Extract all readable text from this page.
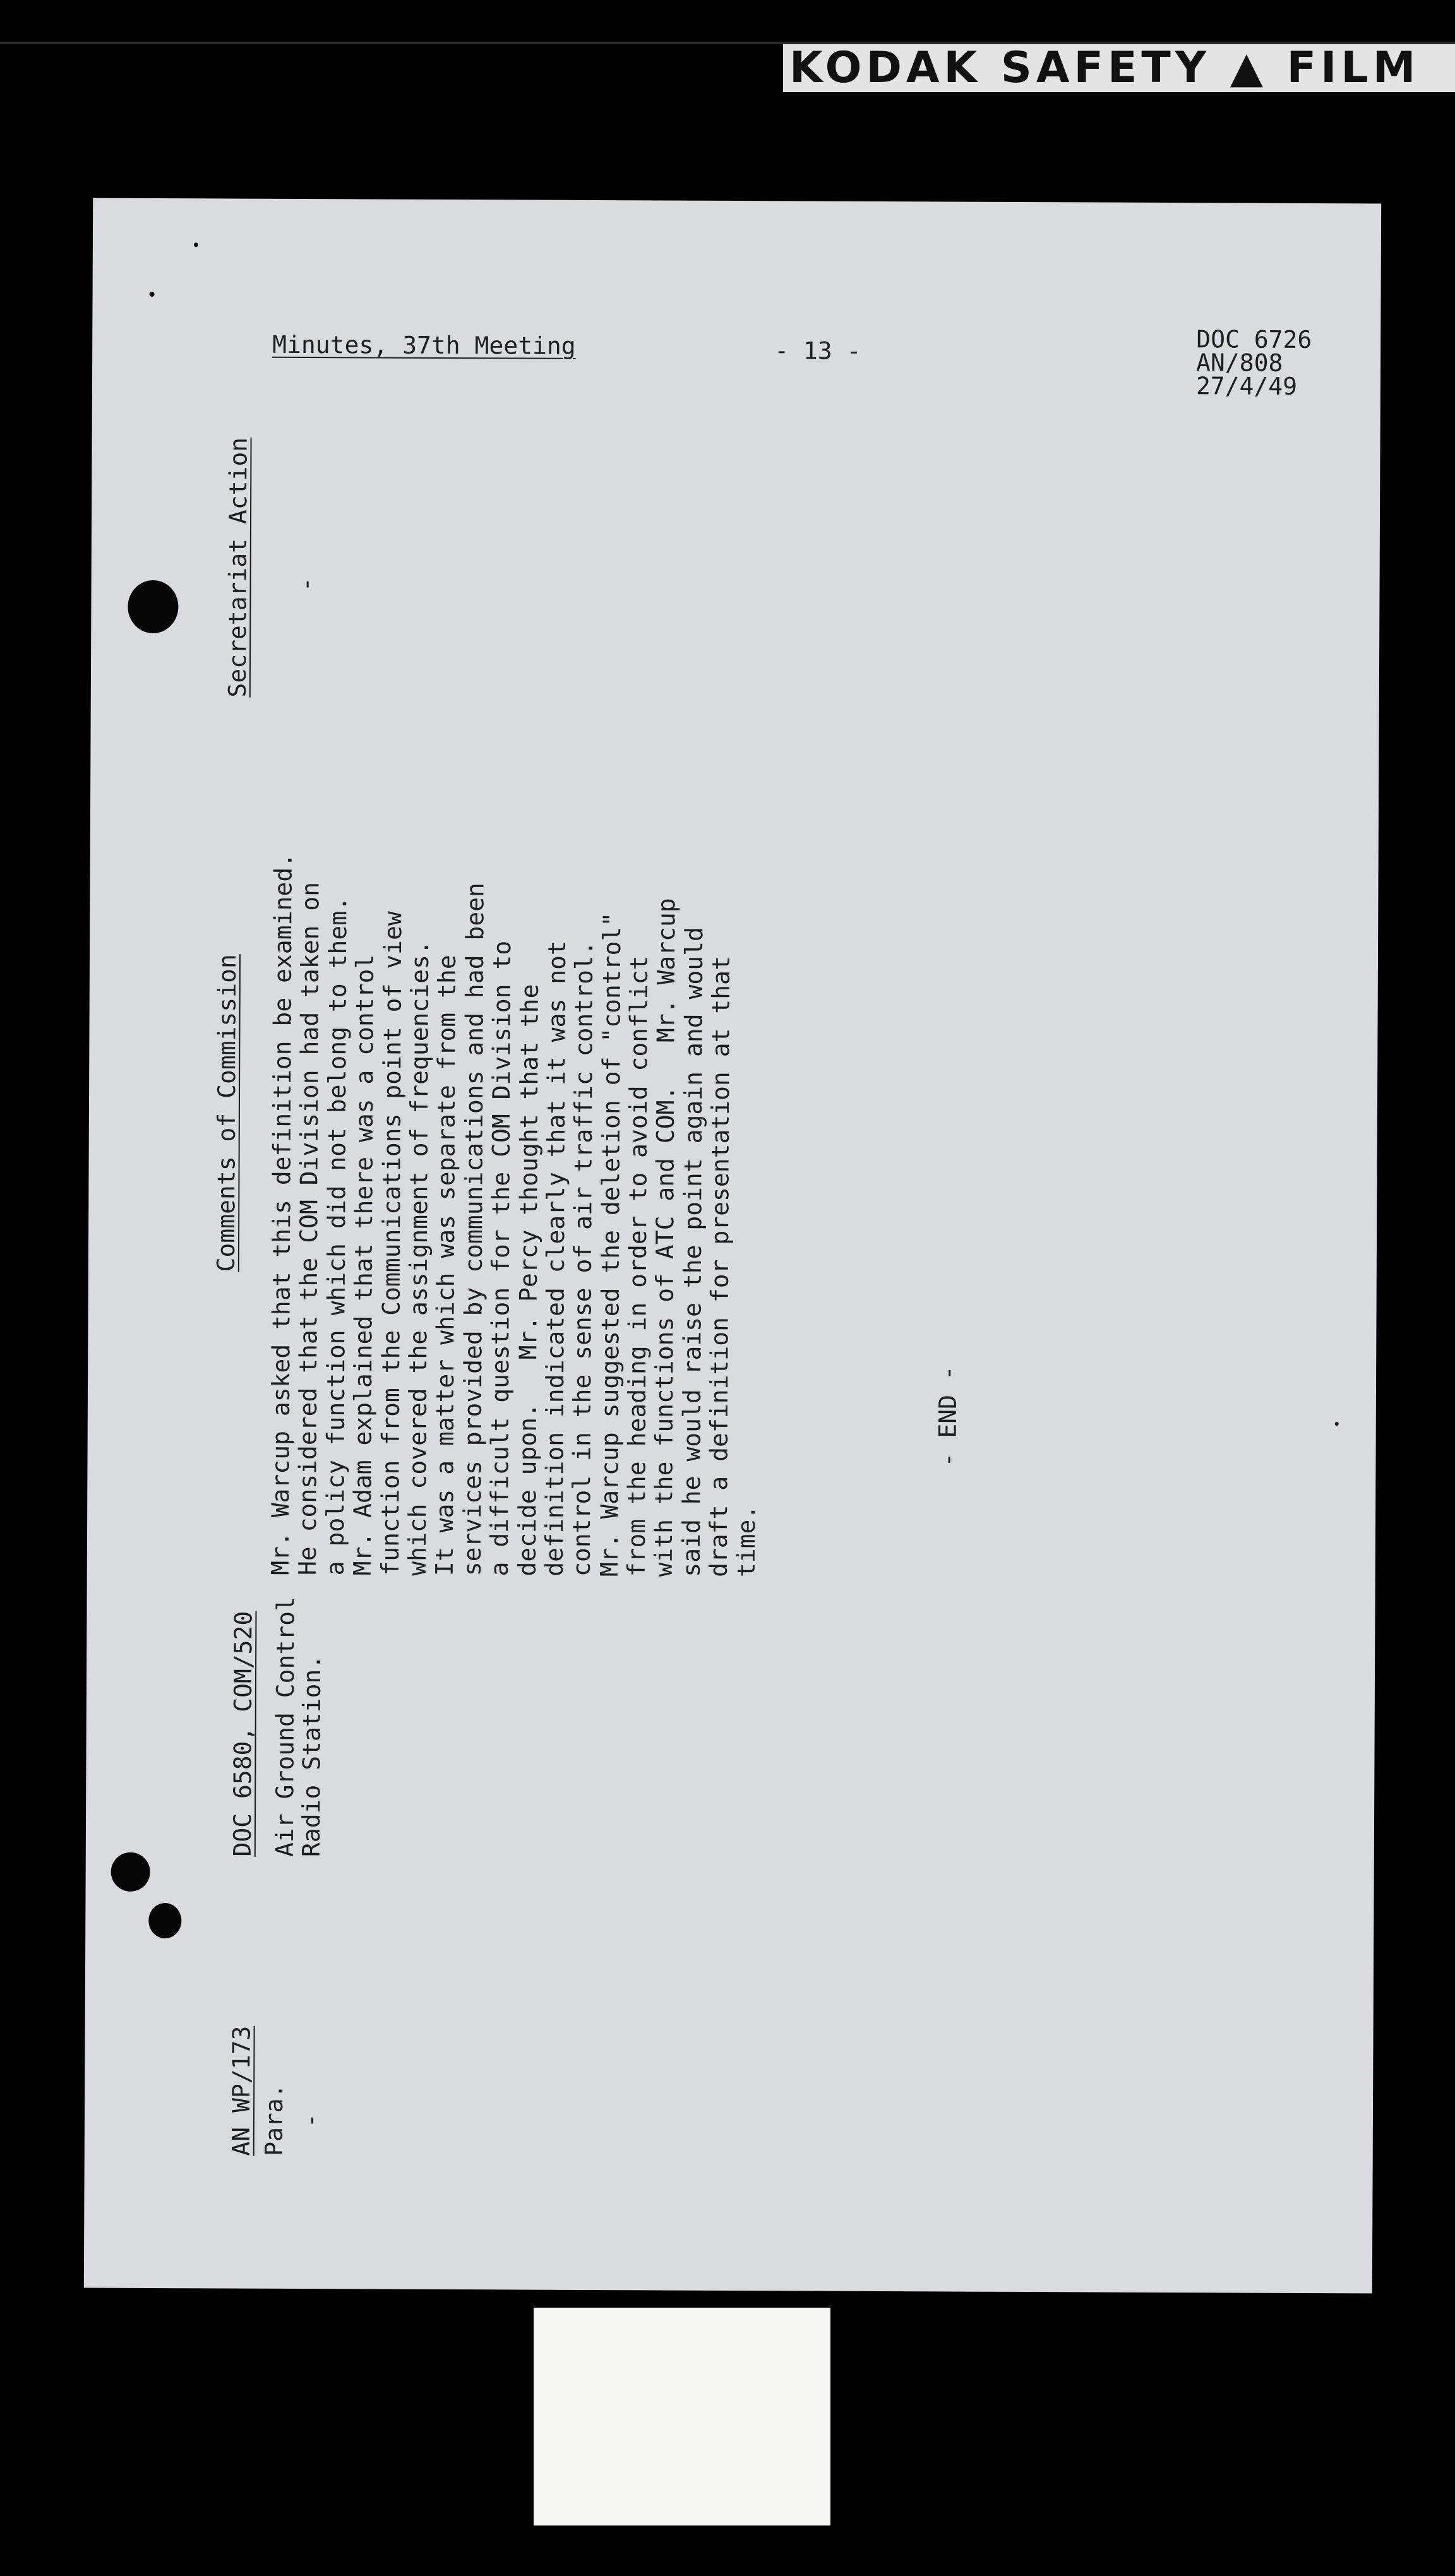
KODAK SAFETY ▲ FILM
Minutes, 37th Meeting	- 13 -	DOC 6726
AN/808
27/4/49
Secretariat Action -
Comments of Commission Mr. Warcup asked that this definition be examined.
He considered that the COM Division had taken on
a policy function which did not belong to them.
Mr. Adam explained that there was a control
function from the Communications point of view
which covered the assignment of frequencies.
It was a matter which was separate from the
services provided by communications and had been
a difficult question for the COM Division to
decide upon.   Mr. Percy thought that the
definition indicated clearly that it was not
control in the sense of air traffic control.
Mr. Warcup suggested the deletion of "control"
from the heading in order to avoid conflict
with the functions of ATC and COM.   Mr. Warcup
said he would raise the point again and would
draft a definition for presentation at that
time.
DOC 6580, COM/520 Air Ground Control
Radio Station.
AN WP/173 Para. -
- END -
